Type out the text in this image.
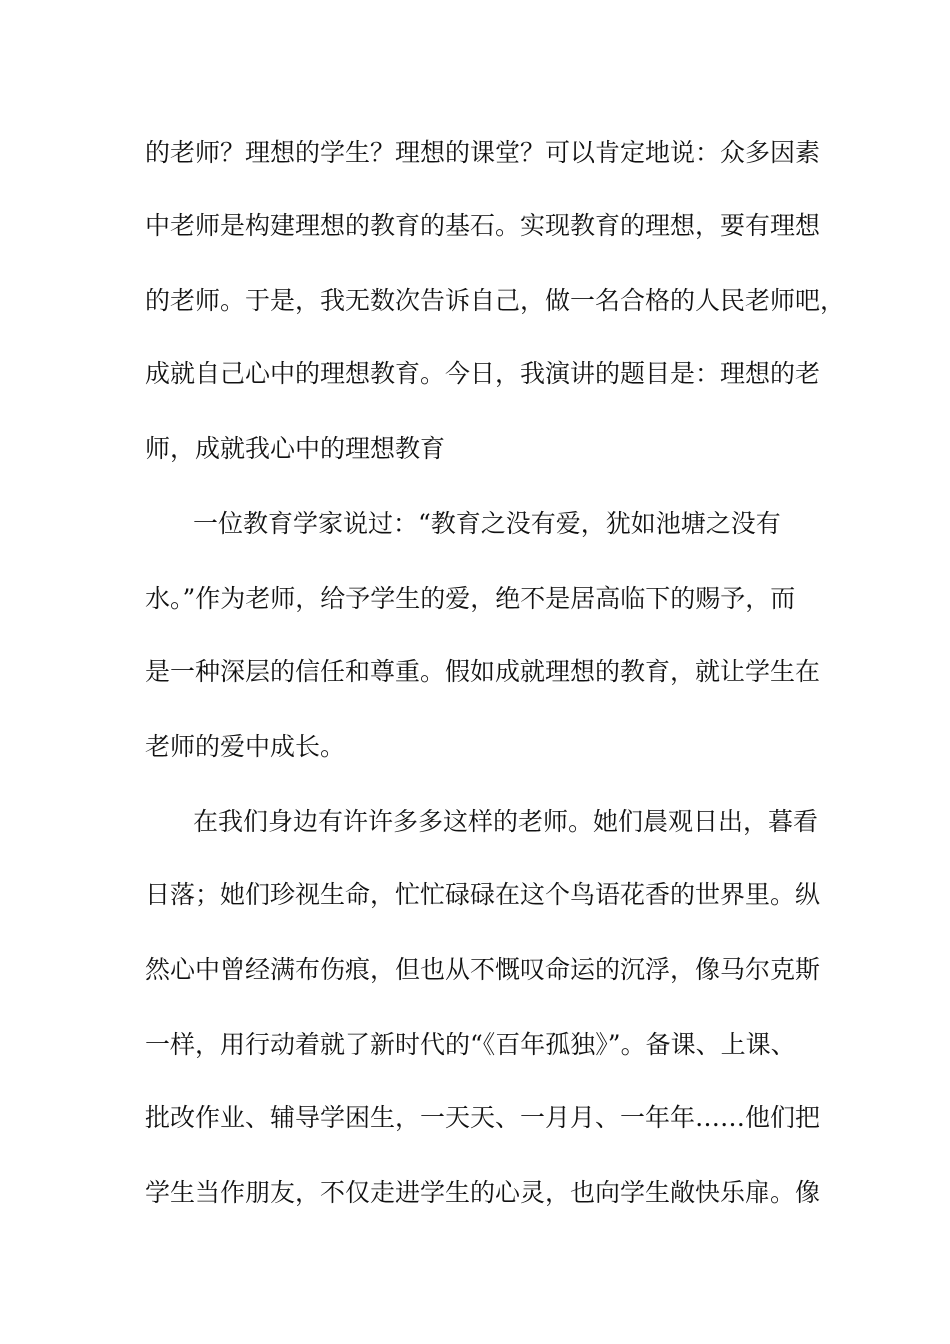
的老师？理想的学生？理想的课堂？可以肯定地说：众多因素
中老师是构建理想的教育的基石。实现教育的理想，要有理想
的老师。于是，我无数次告诉自己，做一名合格的人民老师吧，
成就自己心中的理想教育。今日，我演讲的题目是：理想的老
师，成就我心中的理想教育
一位教育学家说过：“教育之没有爱，犹如池塘之没有
水。”作为老师，给予学生的爱，绝不是居高临下的赐予，而
是一种深层的信任和尊重。假如成就理想的教育，就让学生在
老师的爱中成长。
在我们身边有许许多多这样的老师。她们晨观日出，暮看
日落；她们珍视生命，忙忙碌碌在这个鸟语花香的世界里。纵
然心中曾经满布伤痕，但也从不慨叹命运的沉浮，像马尔克斯
一样，用行动着就了新时代的“《百年孤独》”。备课、上课、
批改作业、辅导学困生，一天天、一月月、一年年……他们把
学生当作朋友，不仅走进学生的心灵，也向学生敞快乐扉。像
